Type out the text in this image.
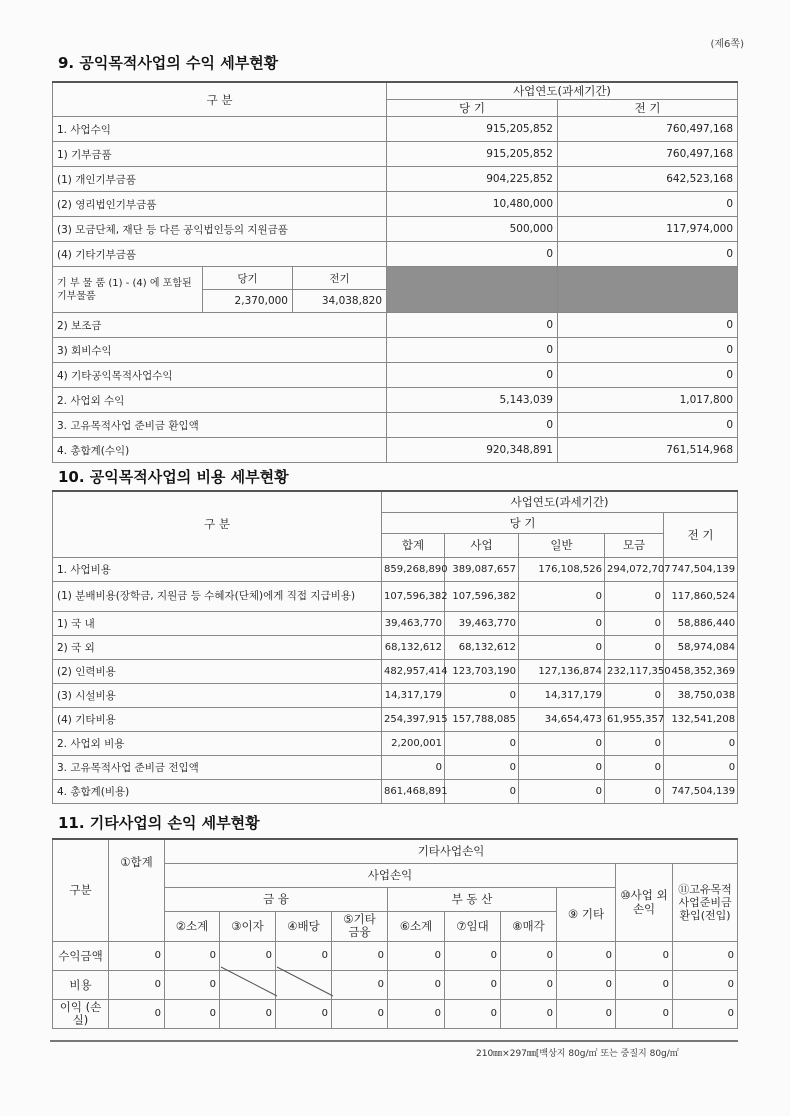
(제6쪽)
9. 공익목적사업의 수익 세부현황
구 분			사업연도(과세기간)	
			당 기	전 기
1. 사업수익			915,205,852	760,497,168
1) 기부금품			915,205,852	760,497,168
(1) 개인기부금품			904,225,852	642,523,168
(2) 영리법인기부금품			10,480,000	0
(3) 모금단체, 재단 등 다른 공익법인등의 지원금품			500,000	117,974,000
(4) 기타기부금품			0	0
기 부 물 품 (1) - (4) 에 포함된 기부물품	당기	전기		
	2,370,000	34,038,820		
2) 보조금			0	0
3) 회비수익			0	0
4) 기타공익목적사업수익			0	0
2. 사업외 수익			5,143,039	1,017,800
3. 고유목적사업 준비금 환입액			0	0
4. 총합계(수익)			920,348,891	761,514,968
10. 공익목적사업의 비용 세부현황
구 분	사업연도(과세기간)				
	당 기				전 기
	합계	사업	일반	모금	
1. 사업비용	859,268,890	389,087,657	176,108,526	294,072,707	747,504,139
(1) 분배비용(장학금, 지원금 등 수혜자(단체)에게 직접 지급비용)	107,596,382	107,596,382	0	0	117,860,524
1) 국 내	39,463,770	39,463,770	0	0	58,886,440
2) 국 외	68,132,612	68,132,612	0	0	58,974,084
(2) 인력비용	482,957,414	123,703,190	127,136,874	232,117,350	458,352,369
(3) 시설비용	14,317,179	0	14,317,179	0	38,750,038
(4) 기타비용	254,397,915	157,788,085	34,654,473	61,955,357	132,541,208
2. 사업외 비용	2,200,001	0	0	0	0
3. 고유목적사업 준비금 전입액	0	0	0	0	0
4. 총합계(비용)	861,468,891	0	0	0	747,504,139
11. 기타사업의 손익 세부현황
구분	①합계	기타사업손익									
		사업손익								⑩사업 외손익	⑪고유목적사업준비금환입(전입)
		금 융				부 동 산			⑨ 기타		
		②소계	③이자	④배당	⑤기타 금융	⑥소계	⑦임대	⑧매각			
수익금액	0	0	0	0	0	0	0	0	0	0	0
비용	0	0			0	0	0	0	0	0	0
이익 (손실)	0	0	0	0	0	0	0	0	0	0	0
210㎜×297㎜[백상지 80g/㎡ 또는 중질지 80g/㎡
